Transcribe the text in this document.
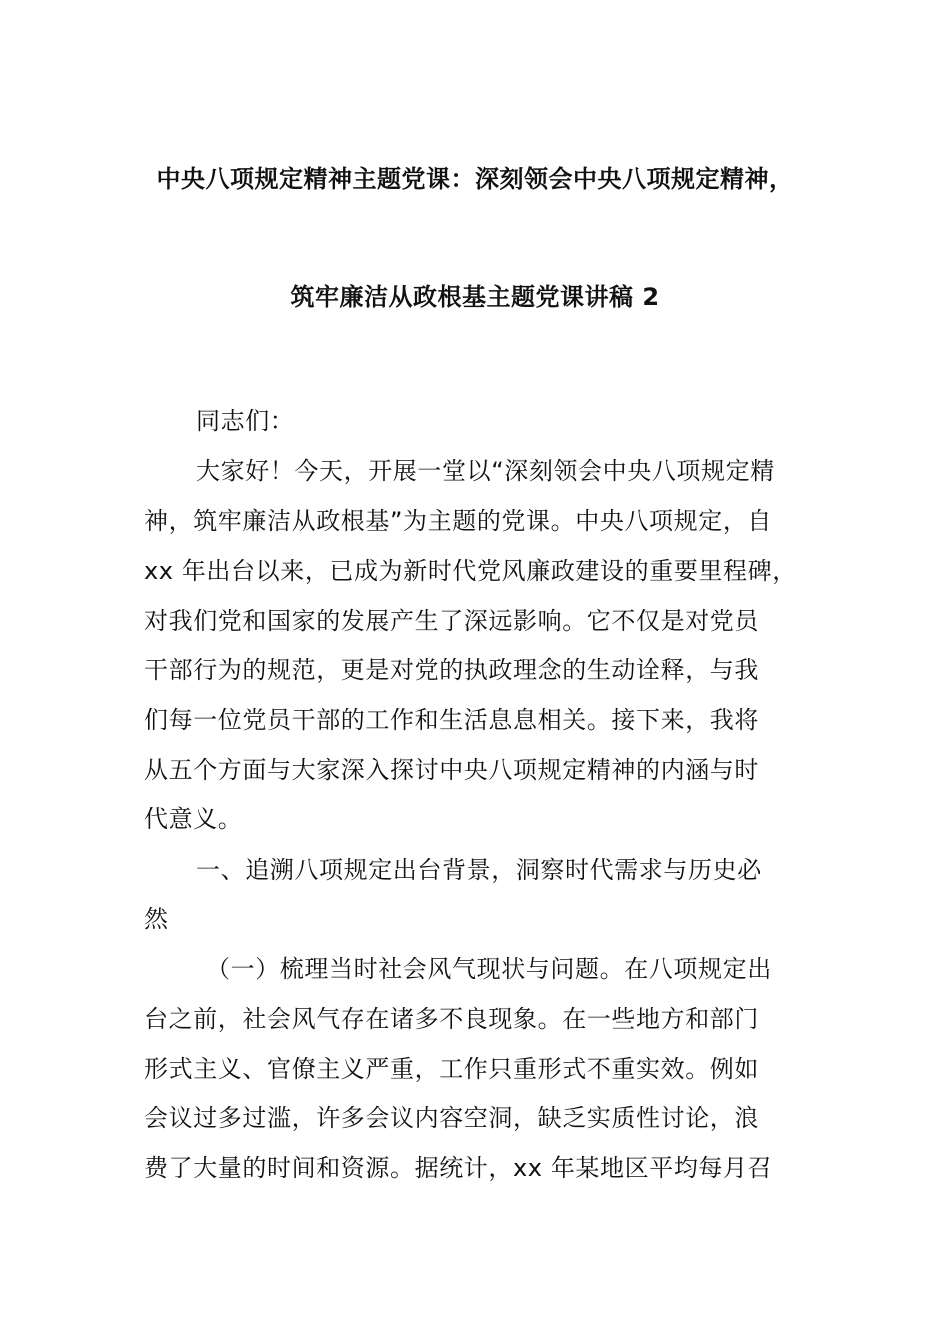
中央八项规定精神主题党课：深刻领会中央八项规定精神，
筑牢廉洁从政根基主题党课讲稿 2
同志们：
大家好！今天，开展一堂以“深刻领会中央八项规定精
神，筑牢廉洁从政根基”为主题的党课。中央八项规定，自
xx 年出台以来，已成为新时代党风廉政建设的重要里程碑，
对我们党和国家的发展产生了深远影响。它不仅是对党员
干部行为的规范，更是对党的执政理念的生动诠释，与我
们每一位党员干部的工作和生活息息相关。接下来，我将
从五个方面与大家深入探讨中央八项规定精神的内涵与时
代意义。
一、追溯八项规定出台背景，洞察时代需求与历史必
然
（一）梳理当时社会风气现状与问题。在八项规定出
台之前，社会风气存在诸多不良现象。在一些地方和部门
形式主义、官僚主义严重，工作只重形式不重实效。例如
会议过多过滥，许多会议内容空洞，缺乏实质性讨论，浪
费了大量的时间和资源。据统计，xx 年某地区平均每月召
